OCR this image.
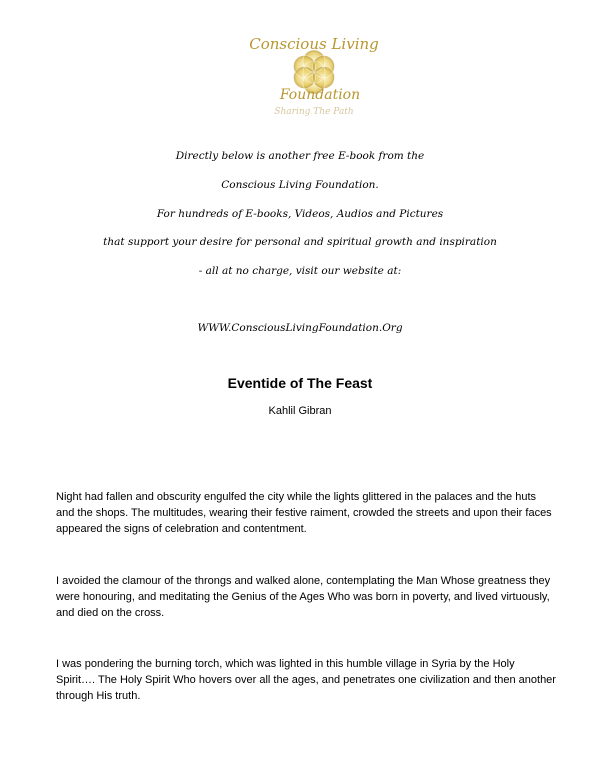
Conscious Living
Foundation
Sharing The Path
Directly below is another free E-book from the
Conscious Living Foundation.
For hundreds of E-books, Videos, Audios and Pictures
that support your desire for personal and spiritual growth and inspiration
- all at no charge, visit our website at:
WWW.ConsciousLivingFoundation.Org
Eventide of The Feast
Kahlil Gibran

Night had fallen and obscurity engulfed the city while the lights glittered in the palaces and the huts and the shops. The multitudes, wearing their festive raiment, crowded the streets and upon their faces appeared the signs of celebration and contentment.

I avoided the clamour of the throngs and walked alone, contemplating the Man Whose greatness they were honouring, and meditating the Genius of the Ages Who was born in poverty, and lived virtuously, and died on the cross.

I was pondering the burning torch, which was lighted in this humble village in Syria by the Holy Spirit…. The Holy Spirit Who hovers over all the ages, and penetrates one civilization and then another through His truth.
